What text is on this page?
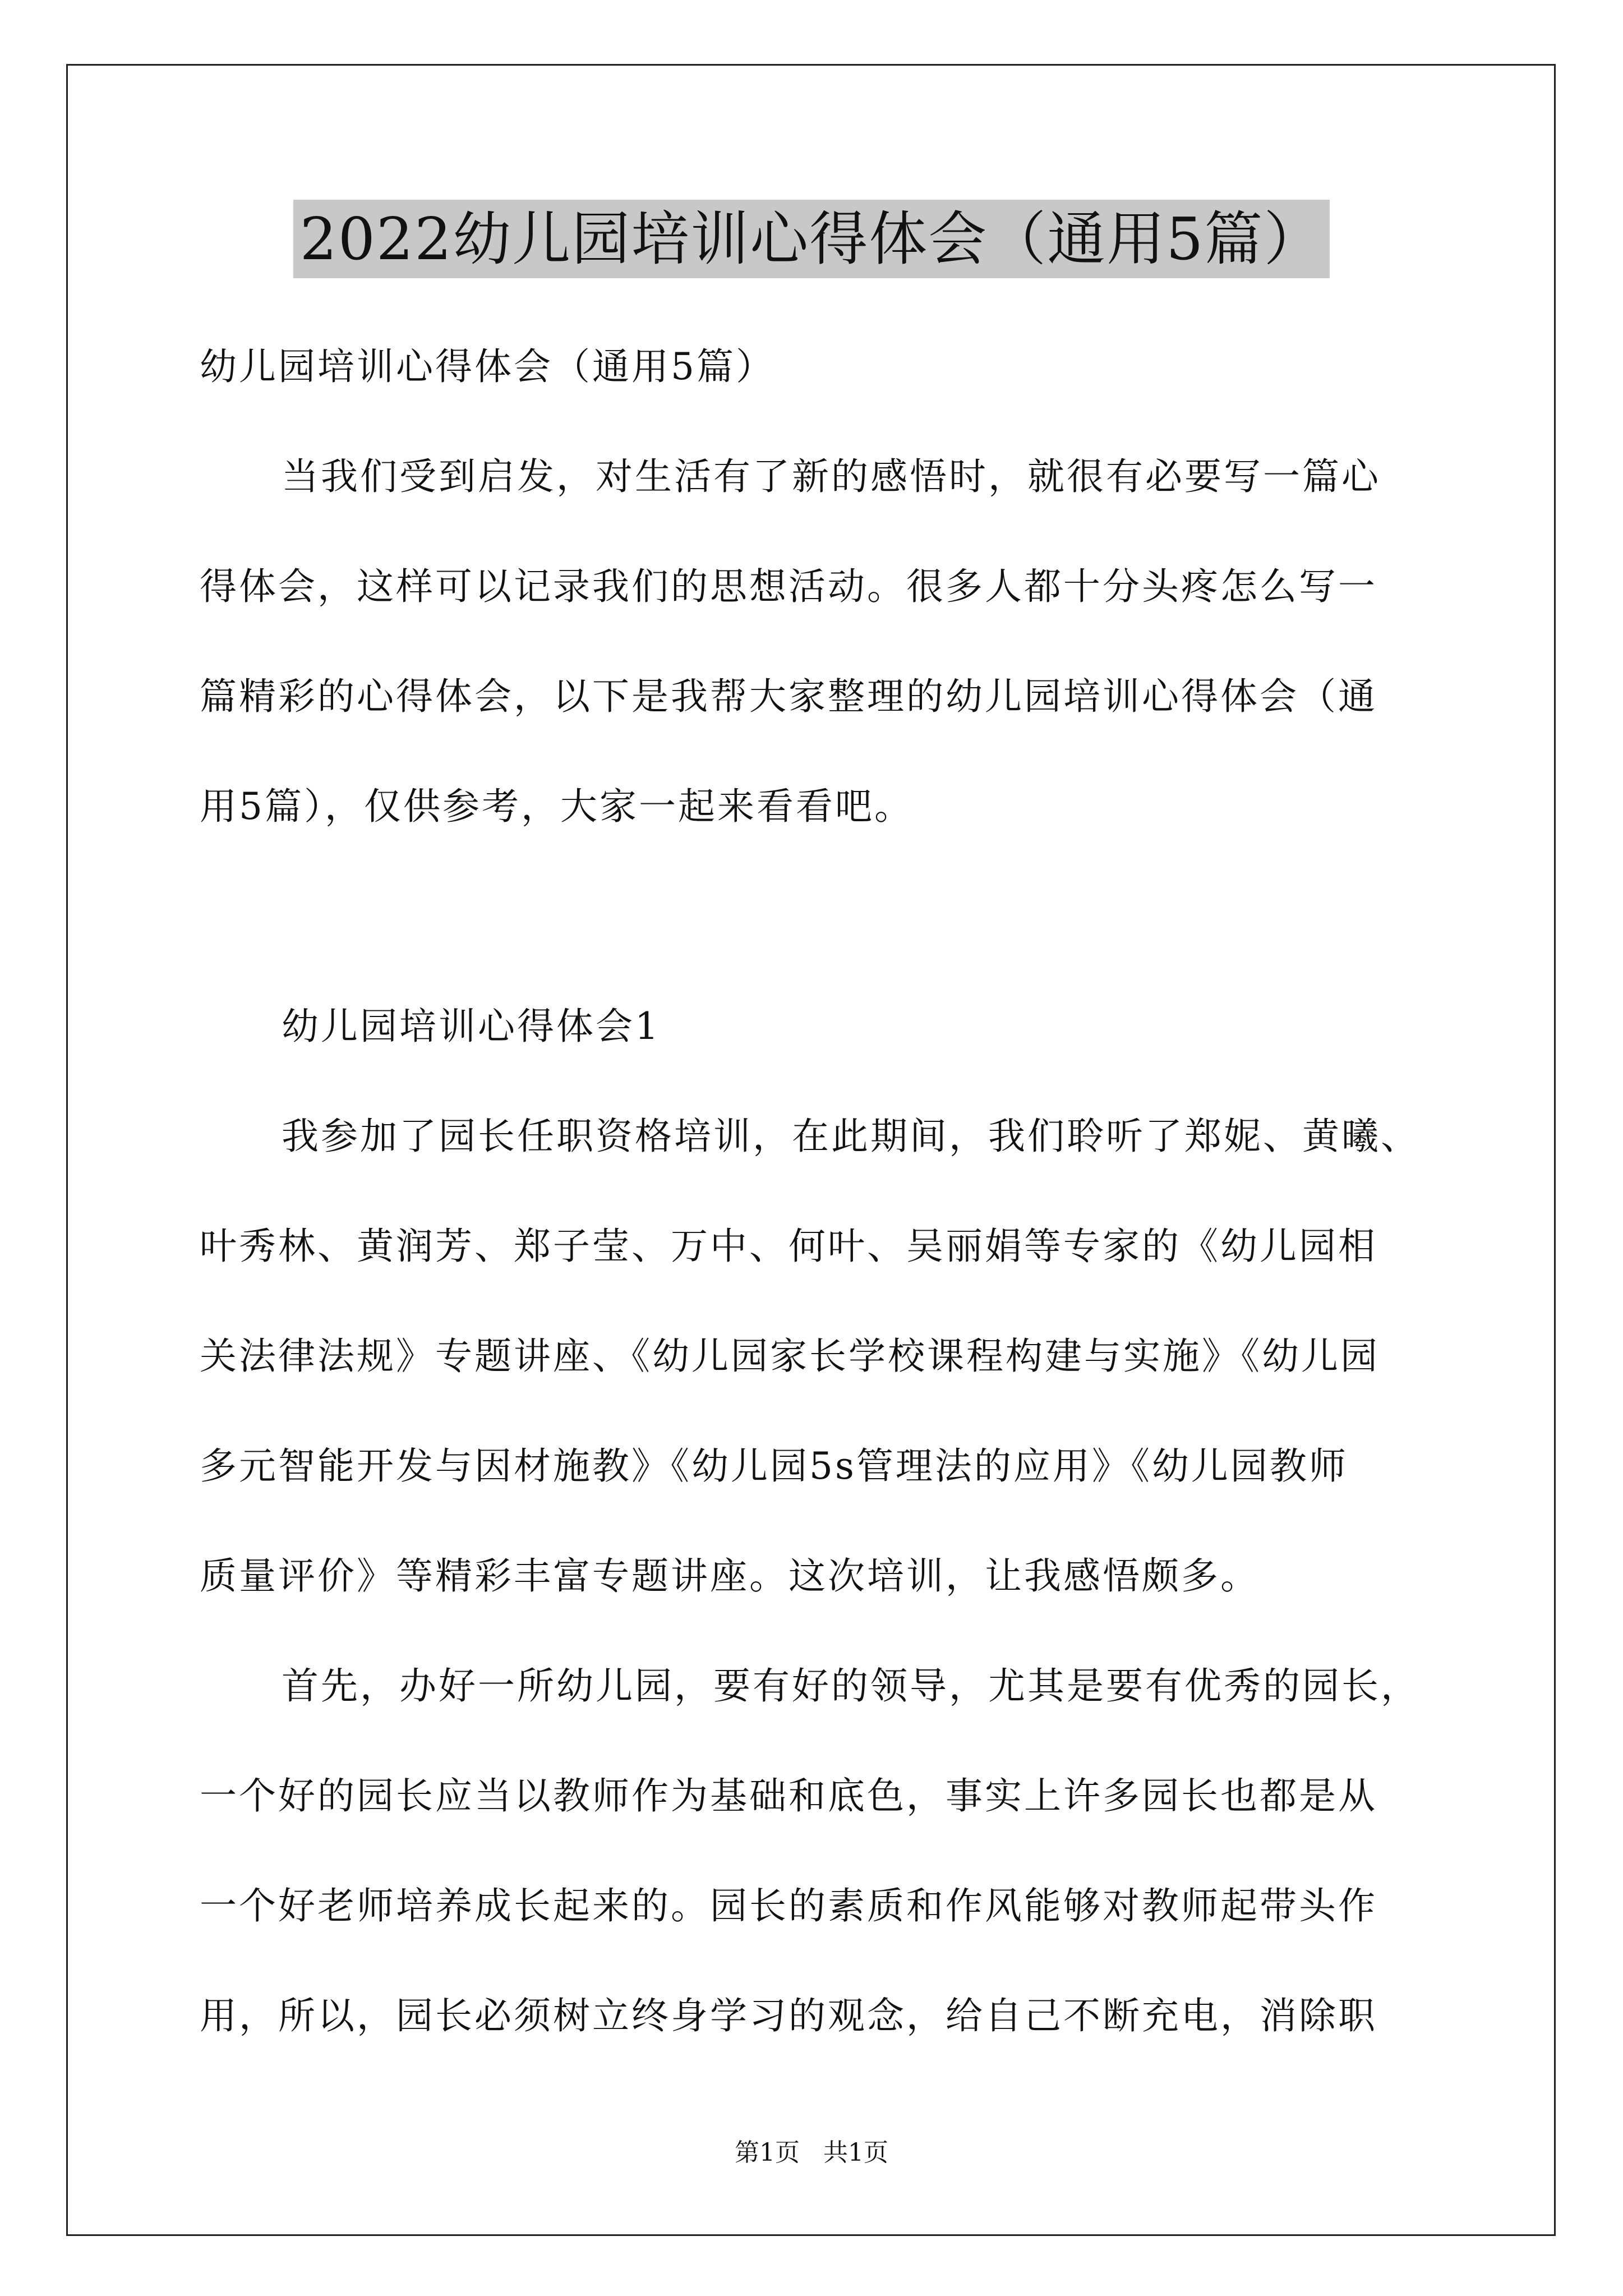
2022幼儿园培训心得体会（通用5篇）
幼儿园培训心得体会（通用5篇）
当我们受到启发，对生活有了新的感悟时，就很有必要写一篇心
得体会，这样可以记录我们的思想活动。很多人都十分头疼怎么写一
篇精彩的心得体会，以下是我帮大家整理的幼儿园培训心得体会（通
用5篇），仅供参考，大家一起来看看吧。
幼儿园培训心得体会1
我参加了园长任职资格培训，在此期间，我们聆听了郑妮、黄曦、
叶秀林、黄润芳、郑子莹、万中、何叶、吴丽娟等专家的《幼儿园相
关法律法规》专题讲座、《幼儿园家长学校课程构建与实施》《幼儿园
多元智能开发与因材施教》《幼儿园5s管理法的应用》《幼儿园教师
质量评价》等精彩丰富专题讲座。这次培训，让我感悟颇多。
首先，办好一所幼儿园，要有好的领导，尤其是要有优秀的园长，
一个好的园长应当以教师作为基础和底色，事实上许多园长也都是从
一个好老师培养成长起来的。园长的素质和作风能够对教师起带头作
用，所以，园长必须树立终身学习的观念，给自己不断充电，消除职
第1页   共1页
